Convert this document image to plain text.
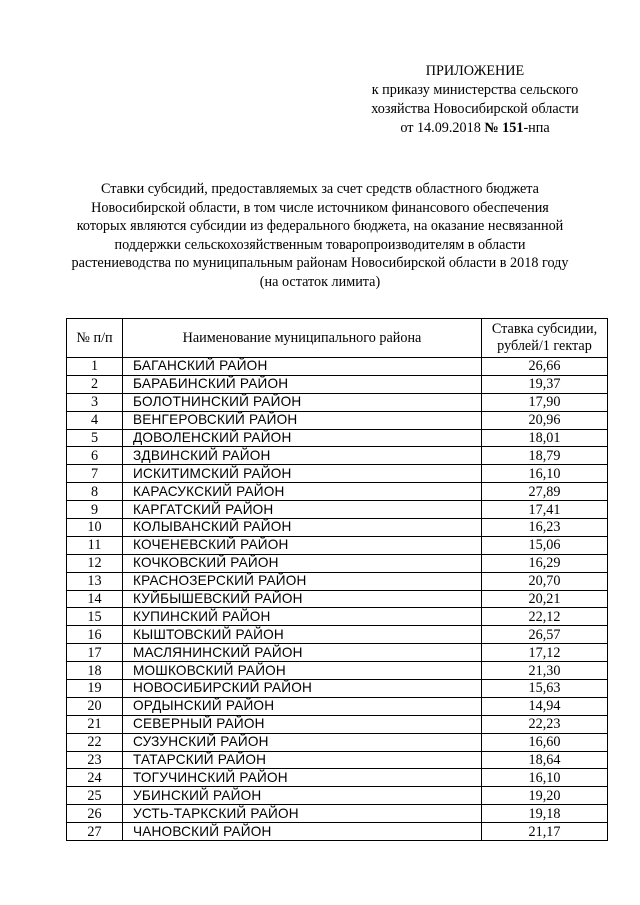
ПРИЛОЖЕНИЕ
к приказу министерства сельского
хозяйства Новосибирской области
от 14.09.2018 № 151-нпа
Ставки субсидий, предоставляемых за счет средств областного бюджета
Новосибирской области, в том числе источником финансового обеспечения
которых являются субсидии из федерального бюджета, на оказание несвязанной
поддержки сельскохозяйственным товаропроизводителям в области
растениеводства по муниципальным районам Новосибирской области в 2018 году
(на остаток лимита)
№ п/п	Наименование муниципального района	Ставка субсидии,
рублей/1 гектар

1	БАГАНСКИЙ РАЙОН	26,66
2	БАРАБИНСКИЙ РАЙОН	19,37
3	БОЛОТНИНСКИЙ РАЙОН	17,90
4	ВЕНГЕРОВСКИЙ РАЙОН	20,96
5	ДОВОЛЕНСКИЙ РАЙОН	18,01
6	ЗДВИНСКИЙ РАЙОН	18,79
7	ИСКИТИМСКИЙ РАЙОН	16,10
8	КАРАСУКСКИЙ РАЙОН	27,89
9	КАРГАТСКИЙ РАЙОН	17,41
10	КОЛЫВАНСКИЙ РАЙОН	16,23
11	КОЧЕНЕВСКИЙ РАЙОН	15,06
12	КОЧКОВСКИЙ РАЙОН	16,29
13	КРАСНОЗЕРСКИЙ РАЙОН	20,70
14	КУЙБЫШЕВСКИЙ РАЙОН	20,21
15	КУПИНСКИЙ РАЙОН	22,12
16	КЫШТОВСКИЙ РАЙОН	26,57
17	МАСЛЯНИНСКИЙ РАЙОН	17,12
18	МОШКОВСКИЙ РАЙОН	21,30
19	НОВОСИБИРСКИЙ РАЙОН	15,63
20	ОРДЫНСКИЙ РАЙОН	14,94
21	СЕВЕРНЫЙ РАЙОН	22,23
22	СУЗУНСКИЙ РАЙОН	16,60
23	ТАТАРСКИЙ РАЙОН	18,64
24	ТОГУЧИНСКИЙ РАЙОН	16,10
25	УБИНСКИЙ РАЙОН	19,20
26	УСТЬ-ТАРКСКИЙ РАЙОН	19,18
27	ЧАНОВСКИЙ РАЙОН	21,17
